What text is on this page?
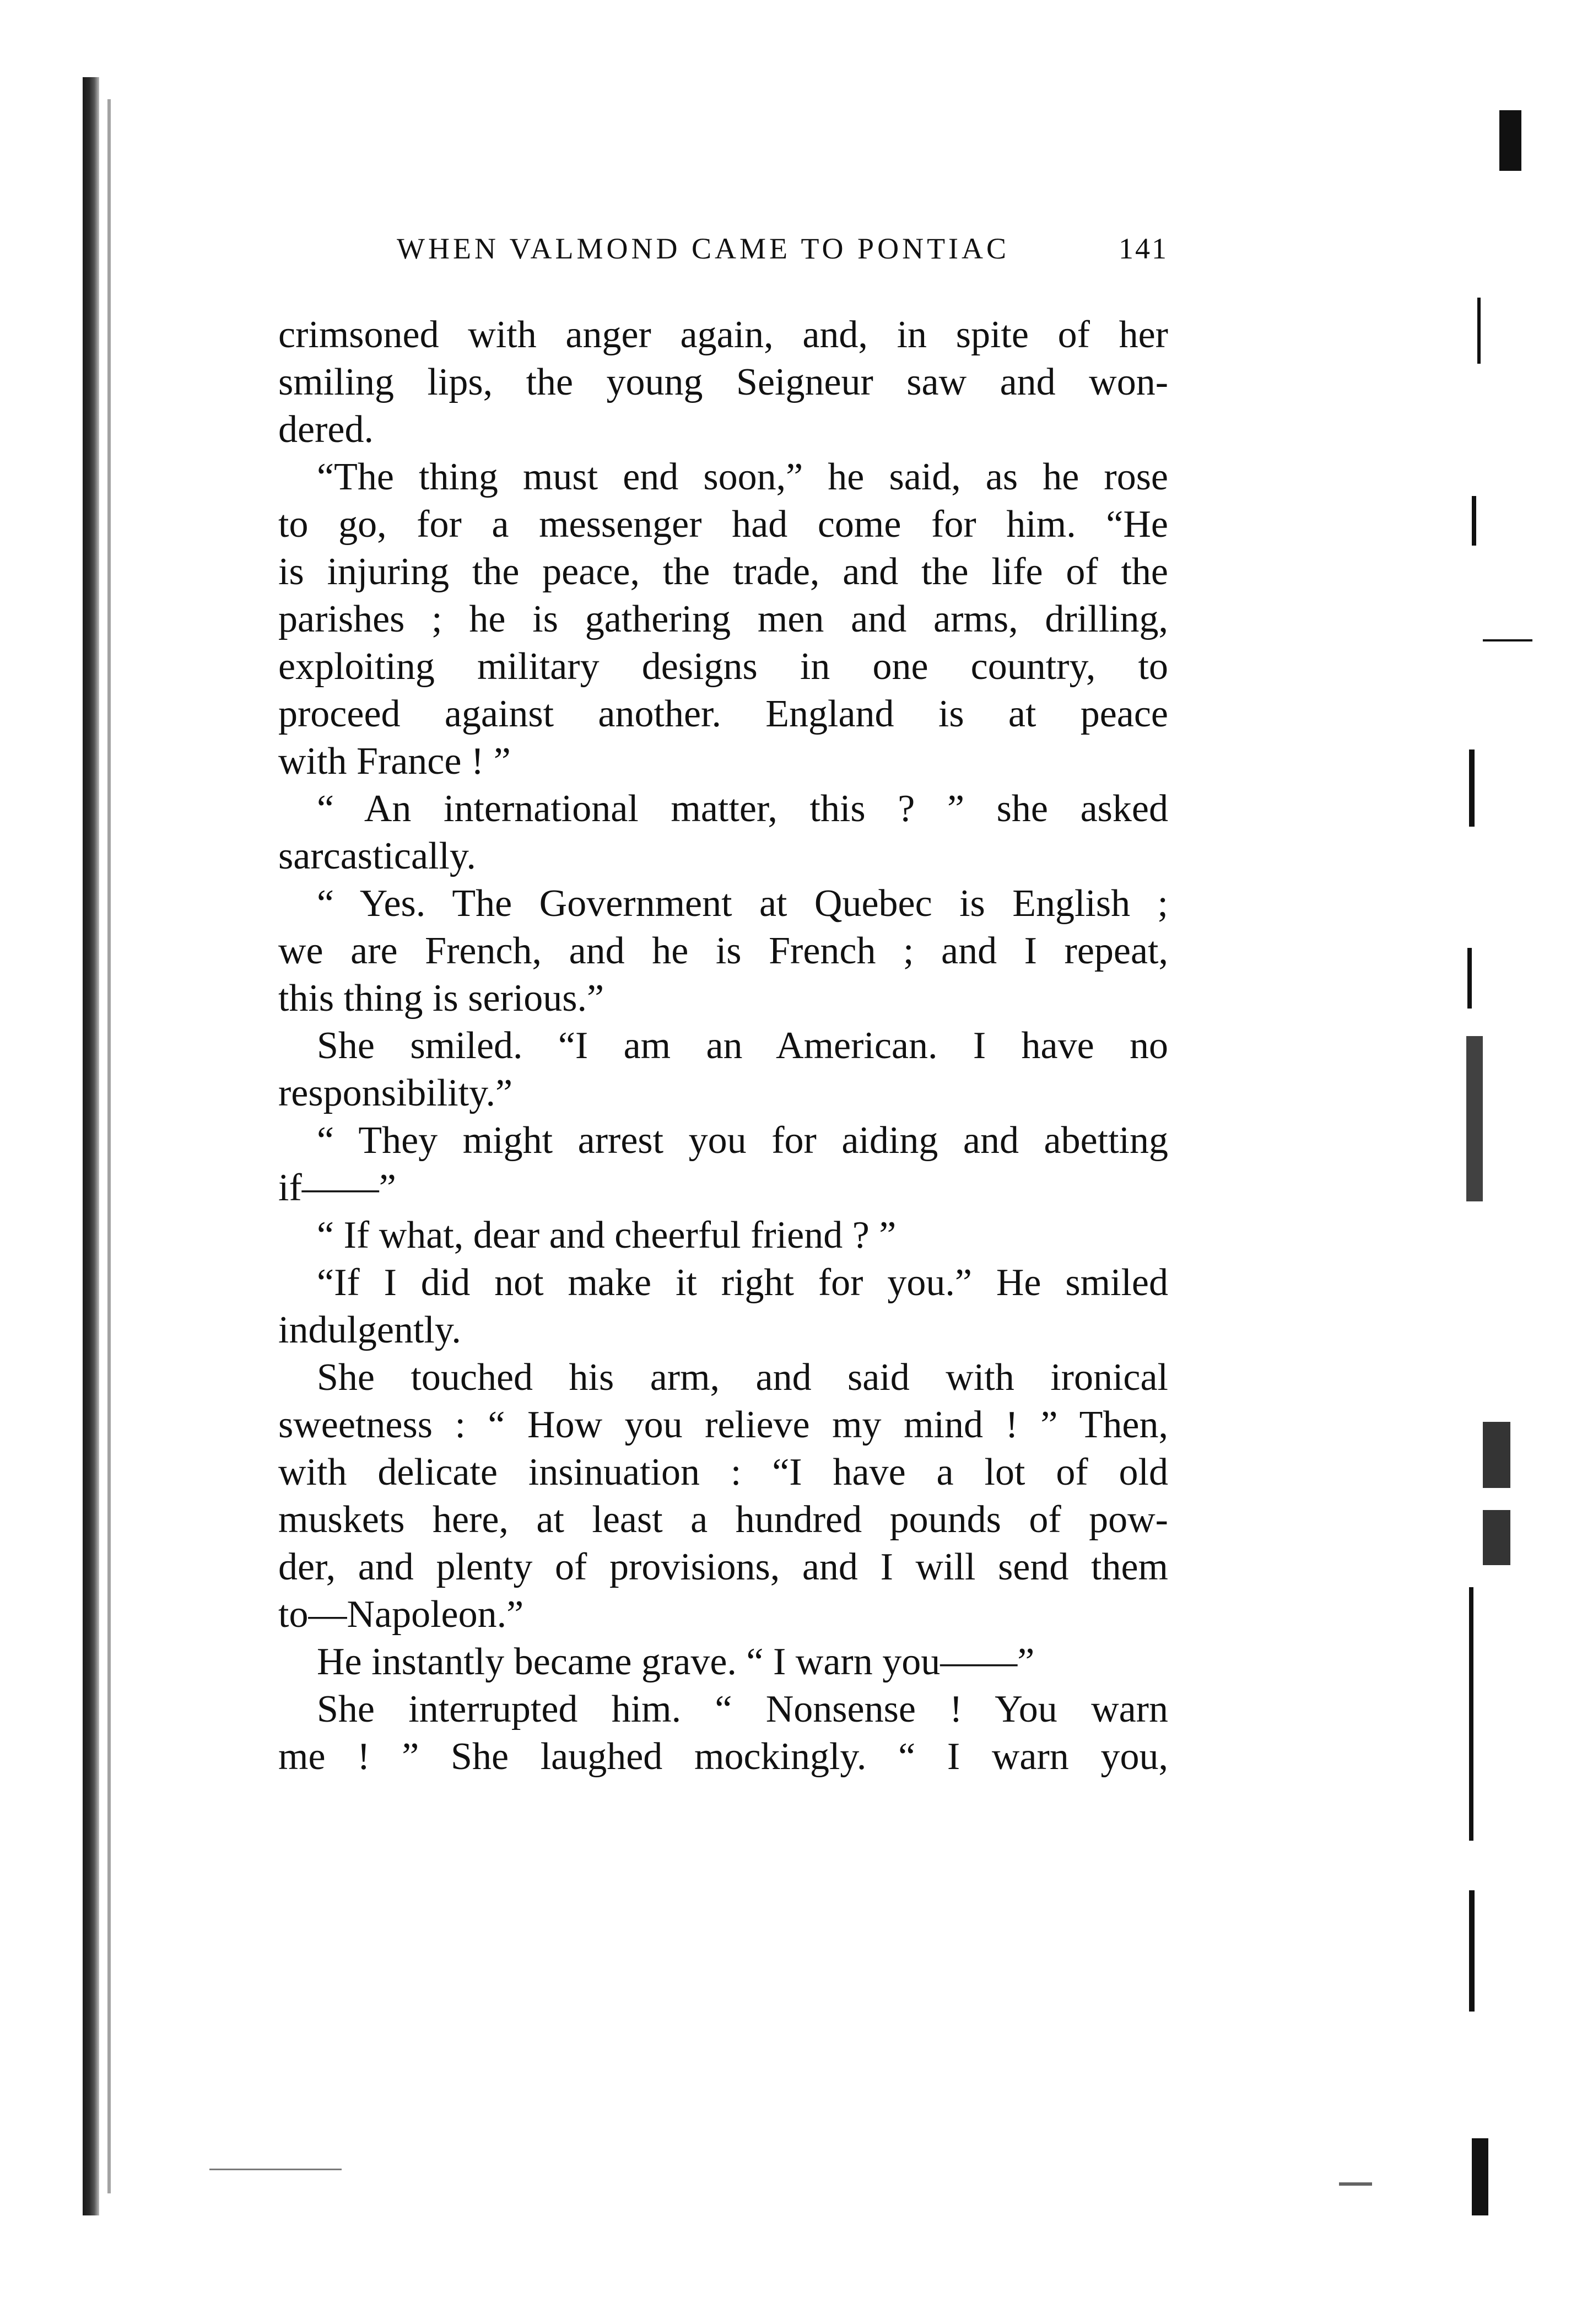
WHEN VALMOND CAME TO PONTIAC	141
crimsoned with anger again, and, in spite of her
smiling lips, the young Seigneur saw and won-
dered.
“The thing must end soon,” he said, as he rose
to go, for a messenger had come for him. “He
is injuring the peace, the trade, and the life of the
parishes ; he is gathering men and arms, drilling,
exploiting military designs in one country, to
proceed against another. England is at peace
with France ! ”
“ An international matter, this ? ” she asked
sarcastically.
“ Yes. The Government at Quebec is English ;
we are French, and he is French ; and I repeat,
this thing is serious.”
She smiled. “I am an American. I have no
responsibility.”
“ They might arrest you for aiding and abetting
if——”
“ If what, dear and cheerful friend ? ”
“If I did not make it right for you.” He smiled
indulgently.
She touched his arm, and said with ironical
sweetness : “ How you relieve my mind ! ” Then,
with delicate insinuation : “I have a lot of old
muskets here, at least a hundred pounds of pow-
der, and plenty of provisions, and I will send them
to—Napoleon.”
He instantly became grave. “ I warn you——”
She interrupted him. “ Nonsense ! You warn
me ! ” She laughed mockingly. “ I warn you,
